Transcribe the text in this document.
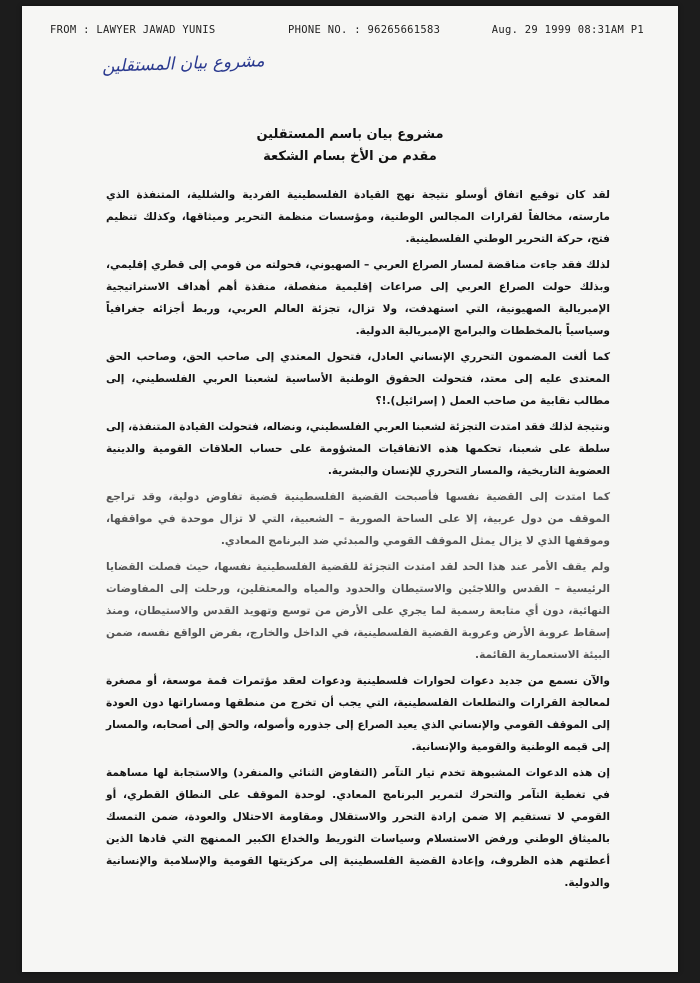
FROM : LAWYER JAWAD YUNIS	PHONE NO. : 96265661583	Aug. 29 1999 08:31AM P1
مشروع بيان المستقلين
مشروع بيان باسم المستقلين
مقدم من الأخ بسام الشكعة

لقد كان توقيع اتفاق أوسلو نتيجة نهج القيادة الفلسطينية الفردية والشللية، المتنفذة الذي مارسته، مخالفاً لقرارات المجالس الوطنية، ومؤسسات منظمة التحرير وميثاقها، وكذلك تنظيم فتح، حركة التحرير الوطني الفلسطينية.

لذلك فقد جاءت مناقضة لمسار الصراع العربي – الصهيوني، فحولته من قومي إلى قطري إقليمي، وبذلك حولت الصراع العربي إلى صراعات إقليمية منفصلة، منفذة أهم أهداف الاستراتيجية الإمبريالية الصهيونية، التي استهدفت، ولا تزال، تجزئة العالم العربي، وربط أجزائه جغرافياً وسياسياً بالمخططات والبرامج الإمبريالية الدولية.

كما ألغت المضمون التحرري الإنساني العادل، فتحول المعتدي إلى صاحب الحق، وصاحب الحق المعتدى عليه إلى معتد، فتحولت الحقوق الوطنية الأساسية لشعبنا العربي الفلسطيني، إلى مطالب نقابية من صاحب العمل ( إسرائيل).!؟

ونتيجة لذلك فقد امتدت التجزئة لشعبنا العربي الفلسطيني، ونضاله، فتحولت القيادة المتنفذة، إلى سلطة على شعبنا، تحكمها هذه الاتفاقيات المشؤومة على حساب العلاقات القومية والدينية العضوية التاريخية، والمسار التحرري للإنسان والبشرية.

كما امتدت إلى القضية نفسها فأصبحت القضية الفلسطينية قضية تفاوض دولية، وقد تراجع الموقف من دول عربية، إلا على الساحة الصورية – الشعبية، التي لا تزال موحدة في مواقفها، وموقفها الذي لا يزال يمثل الموقف القومي والمبدئي ضد البرنامج المعادي.

ولم يقف الأمر عند هذا الحد لقد امتدت التجزئة للقضية الفلسطينية نفسها، حيث فصلت القضايا الرئيسية – القدس واللاجئين والاستيطان والحدود والمياه والمعتقلين، ورحلت إلى المفاوضات النهائية، دون أي متابعة رسمية لما يجري على الأرض من توسع وتهويد القدس والاستيطان، ومنذ إسقاط عروبة الأرض وعروبة القضية الفلسطينية، في الداخل والخارج، بفرض الواقع نفسه، ضمن البيئة الاستعمارية القائمة.

والآن نسمع من جديد دعوات لحوارات فلسطينية ودعوات لعقد مؤتمرات قمة موسعة، أو مصغرة لمعالجة القرارات والتطلعات الفلسطينية، التي يجب أن تخرج من منطقها ومساراتها دون العودة إلى الموقف القومي والإنساني الذي يعيد الصراع إلى جذوره وأصوله، والحق إلى أصحابه، والمسار إلى قيمه الوطنية والقومية والإنسانية.

إن هذه الدعوات المشبوهة تخدم تيار التآمر (التفاوض الثنائي والمنفرد) والاستجابة لها مساهمة في تغطية التآمر والتحرك لتمرير البرنامج المعادي. لوحدة الموقف على النطاق القطري، أو القومي لا تستقيم إلا ضمن إرادة التحرر والاستقلال ومقاومة الاحتلال والعودة، ضمن التمسك بالميثاق الوطني ورفض الاستسلام وسياسات التوريط والخداع الكبير الممنهج التي قادها الذين أعطتهم هذه الظروف، وإعادة القضية الفلسطينية إلى مركزيتها القومية والإسلامية والإنسانية والدولية.
